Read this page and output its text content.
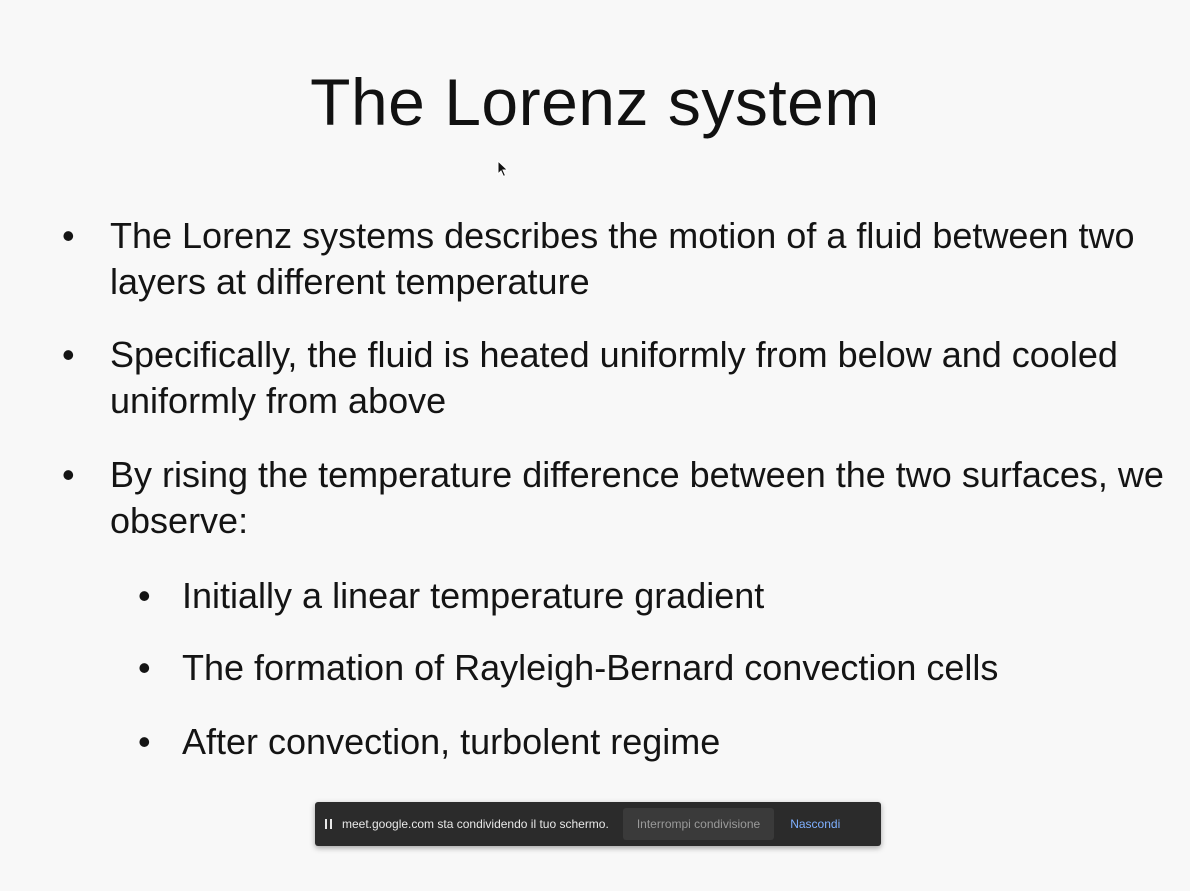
The Lorenz system
• The Lorenz systems describes the motion of a fluid between two layers at different temperature
• Specifically, the fluid is heated uniformly from below and cooled uniformly from above
• By rising the temperature difference between the two surfaces, we observe:
• Initially a linear temperature gradient
• The formation of Rayleigh-Bernard convection cells
• After convection, turbolent regime
meet.google.com sta condividendo il tuo schermo.	Interrompi condivisione	Nascondi
